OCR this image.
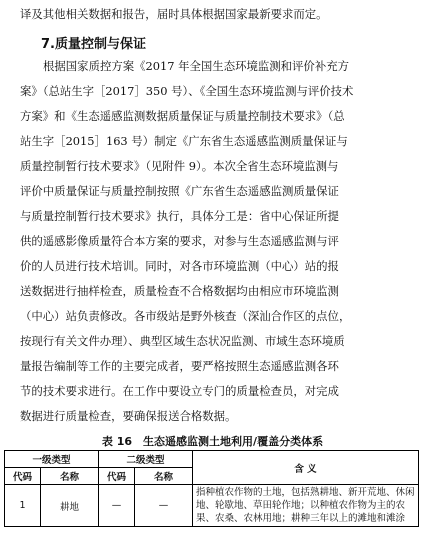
译及其他相关数据和报告，届时具体根据国家最新要求而定。
7.质量控制与保证
根据国家质控方案《2017 年全国生态环境监测和评价补充方
案》（总站生字［2017］350 号）、《全国生态环境监测与评价技术
方案》和《生态遥感监测数据质量保证与质量控制技术要求》（总
站生字［2015］163 号）制定《广东省生态遥感监测质量保证与
质量控制暂行技术要求》（见附件 9）。本次全省生态环境监测与
评价中质量保证与质量控制按照《广东省生态遥感监测质量保证
与质量控制暂行技术要求》执行，具体分工是：省中心保证所提
供的遥感影像质量符合本方案的要求，对参与生态遥感监测与评
价的人员进行技术培训。同时，对各市环境监测（中心）站的报
送数据进行抽样检查，质量检查不合格数据均由相应市环境监测
（中心）站负责修改。各市级站是野外核查（深汕合作区的点位，
按现行有关文件办理）、典型区域生态状况监测、市域生态环境质
量报告编制等工作的主要完成者，要严格按照生态遥感监测各环
节的技术要求进行。在工作中要设立专门的质量检查员，对完成
数据进行质量检查，要确保报送合格数据。
表 16　生态遥感监测土地利用/覆盖分类体系
一级类型		二级类型		含 义
代码	名称	代码	名称	
1	耕地	—	—	指种植农作物的土地，包括熟耕地、新开荒地、休闲地、轮歇地、草田轮作地；以种植农作物为主的农果、农桑、农林用地；耕种三年以上的滩地和滩涂
